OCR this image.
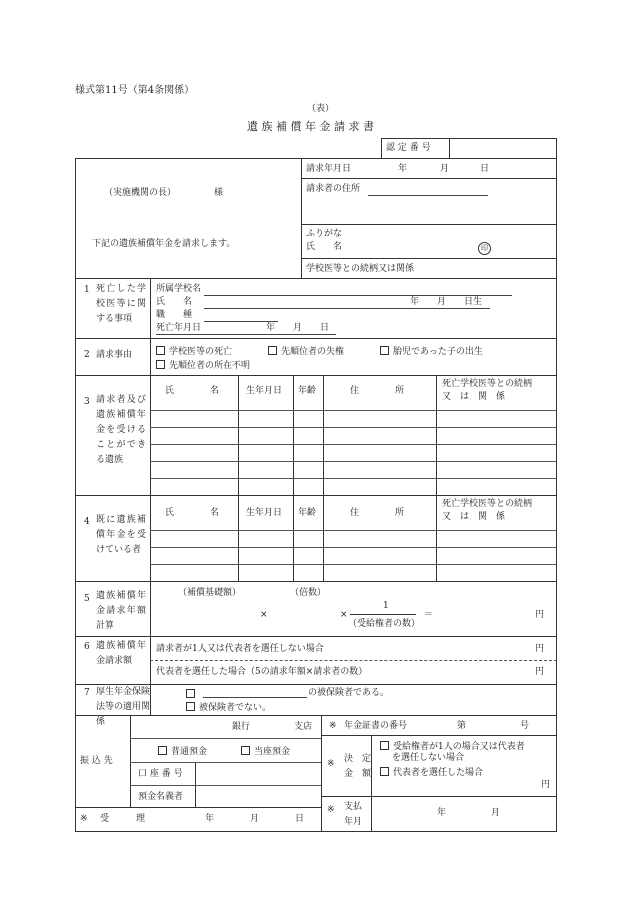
様式第11号（第4条関係）
（表）
遺 族 補 償 年 金 請 求 書
認 定 番 号
（実施機関の長）	様
下記の遺族補償年金を請求します。
請求年月日	年	月	日
請求者の住所
ふりがな
氏　　名	印
学校医等との続柄又は関係
1 死亡した学校医等に関する事項
所属学校名
氏　　名	年　　月　　日生
職　　種
死亡年月日	年　　月　　日
2 請求事由	学校医等の死亡	先順位者の失権	胎児であった子の出生
先順位者の所在不明
3 請求者及び遺族補償年金を受けることができる遺族
氏　　　　名	生年月日 年齢	住　　　　所
死亡学校医等との続柄
又　は　関　係
4 既に遺族補償年金を受けている者
氏　　　　名	生年月日 年齢	住　　　　所
死亡学校医等との続柄
又　は　関　係
5 遺族補償年金請求年額計算
（補償基礎額）	（倍数）
×	×
1
（受給権者の数）
＝	円
6 遺族補償年金請求額
請求者が1人又は代表者を選任しない場合	円
代表者を選任した場合（5の請求年額×請求者の数）	円
7 厚生年金保険法等の適用関係
の被保険者である。
被保険者でない。
振 込 先
銀行	支店
普通預金	当座預金
口 座 番 号
預金名義者
※ 年金証書の番号	第	号
※ 決　定
金　額
受給権者が1人の場合又は代表者
を選任しない場合
代表者を選任した場合
円
※ 受　　　理	年　　　　月　　　　日
※ 支払
年月
年　　　　　月
